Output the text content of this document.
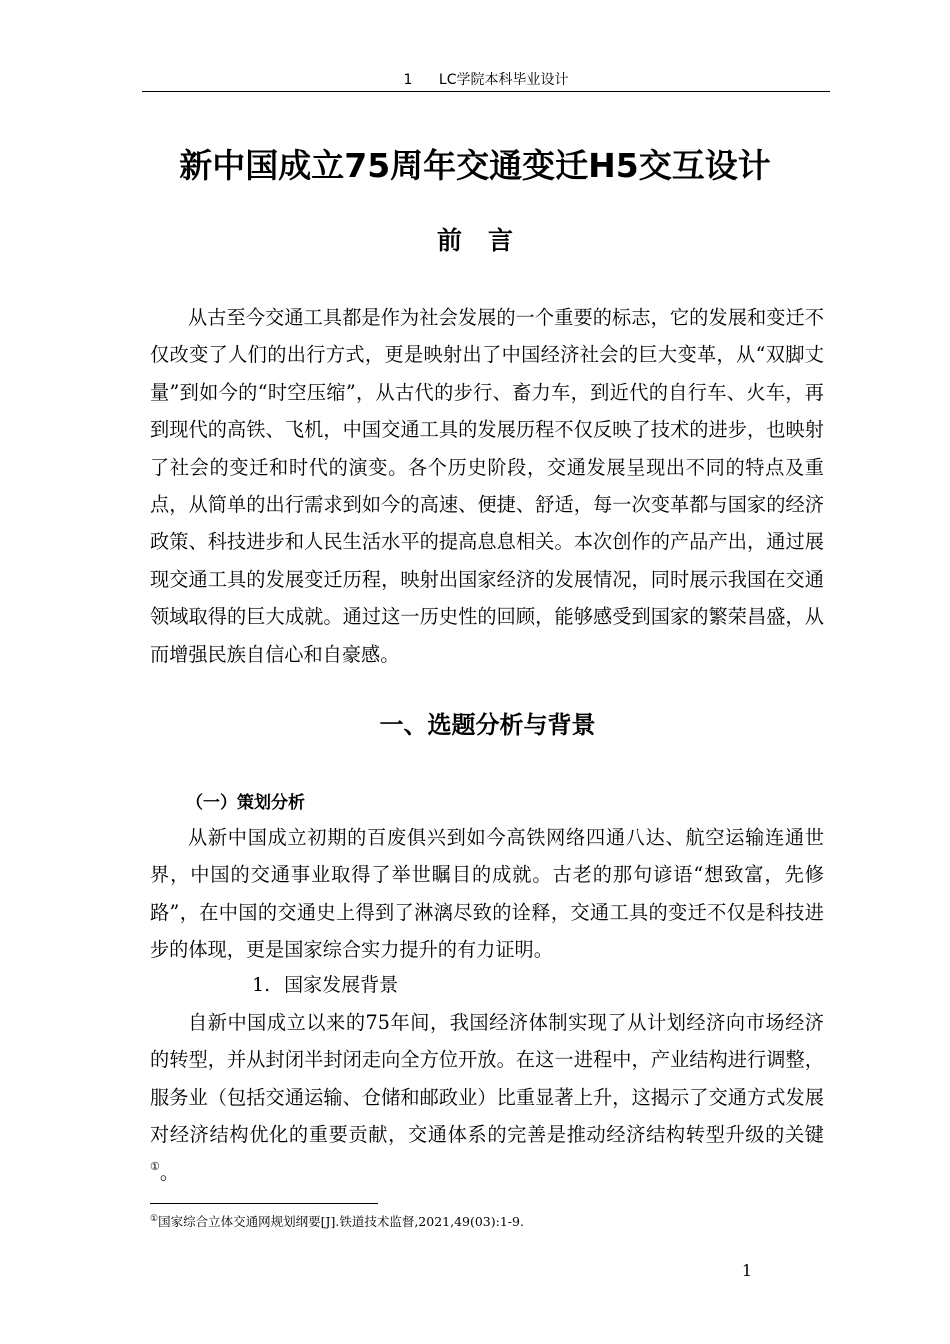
1 LC学院本科毕业设计
新中国成立75周年交通变迁H5交互设计
前言

从古至今交通工具都是作为社会发展的一个重要的标志，它的发展和变迁不仅改变了人们的出行方式，更是映射出了中国经济社会的巨大变革，从“双脚丈量”到如今的“时空压缩”，从古代的步行、畜力车，到近代的自行车、火车，再到现代的高铁、飞机，中国交通工具的发展历程不仅反映了技术的进步，也映射了社会的变迁和时代的演变。各个历史阶段，交通发展呈现出不同的特点及重点，从简单的出行需求到如今的高速、便捷、舒适，每一次变革都与国家的经济政策、科技进步和人民生活水平的提高息息相关。本次创作的产品产出，通过展现交通工具的发展变迁历程，映射出国家经济的发展情况，同时展示我国在交通领域取得的巨大成就。通过这一历史性的回顾，能够感受到国家的繁荣昌盛，从而增强民族自信心和自豪感。

一、选题分析与背景
（一）策划分析

从新中国成立初期的百废俱兴到如今高铁网络四通八达、航空运输连通世界，中国的交通事业取得了举世瞩目的成就。古老的那句谚语“想致富，先修路”，在中国的交通史上得到了淋漓尽致的诠释，交通工具的变迁不仅是科技进步的体现，更是国家综合实力提升的有力证明。

1. 国家发展背景

自新中国成立以来的75年间，我国经济体制实现了从计划经济向市场经济的转型，并从封闭半封闭走向全方位开放。在这一进程中，产业结构进行调整，服务业（包括交通运输、仓储和邮政业）比重显著上升，这揭示了交通方式发展对经济结构优化的重要贡献，交通体系的完善是推动经济结构转型升级的关键①。

①国家综合立体交通网规划纲要[J].铁道技术监督,2021,49(03):1-9.
1
